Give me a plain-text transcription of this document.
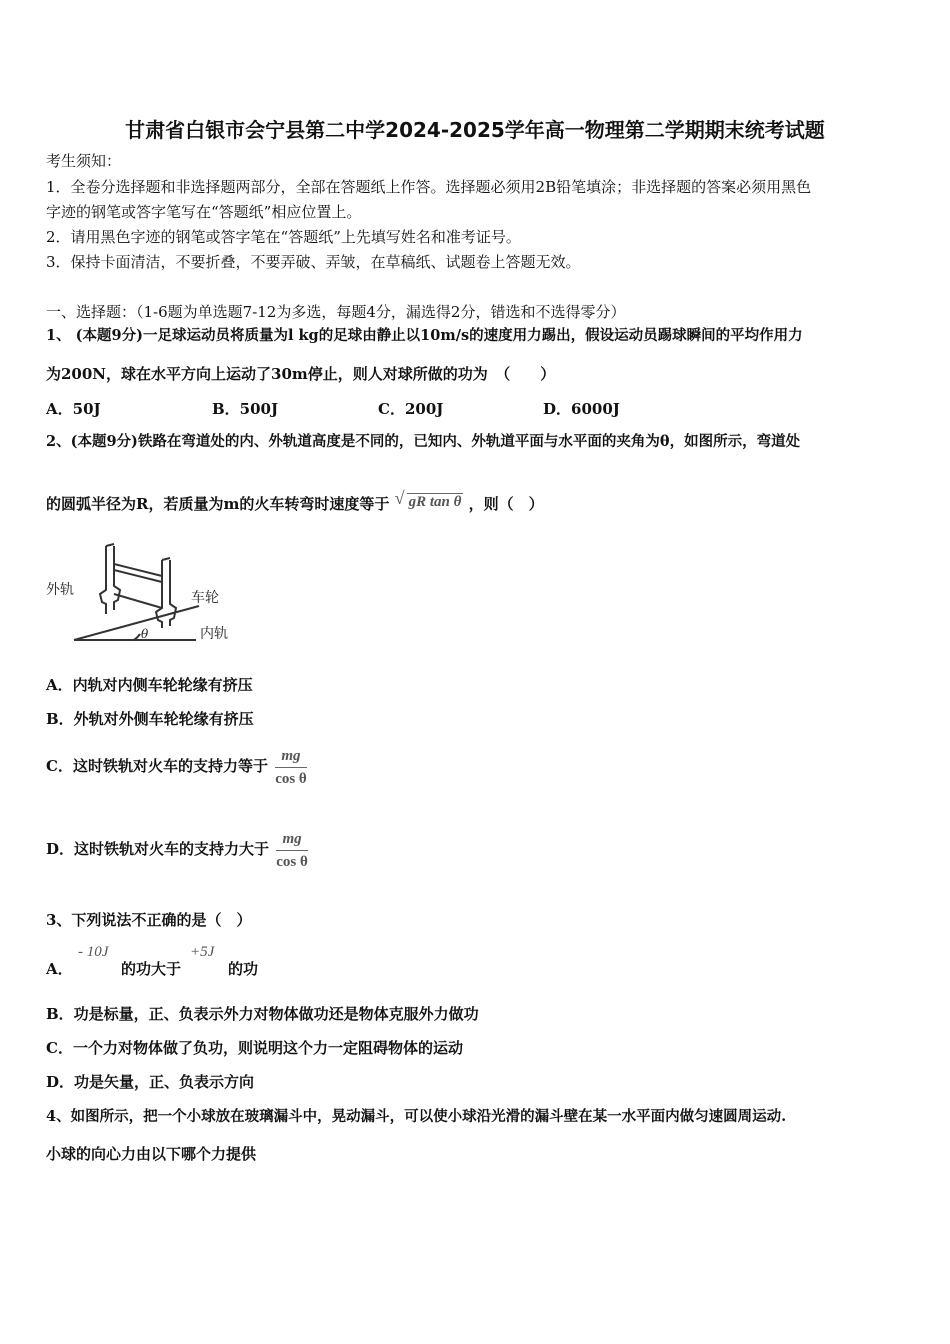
甘肃省白银市会宁县第二中学2024-2025学年高一物理第二学期期末统考试题
考生须知：
1．全卷分选择题和非选择题两部分，全部在答题纸上作答。选择题必须用2B铅笔填涂；非选择题的答案必须用黑色
字迹的钢笔或答字笔写在“答题纸”相应位置上。
2．请用黑色字迹的钢笔或答字笔在“答题纸”上先填写姓名和准考证号。
3．保持卡面清洁，不要折叠，不要弄破、弄皱，在草稿纸、试题卷上答题无效。
一、选择题：（1-6题为单选题7-12为多选，每题4分，漏选得2分，错选和不选得零分）
1、 (本题9分)一足球运动员将质量为l kg的足球由静止以10m/s的速度用力踢出，假设运动员踢球瞬间的平均作用力
为200N，球在水平方向上运动了30m停止，则人对球所做的功为　（　　）
A．50J	B．500J	C．200J	D．6000J
2、(本题9分)铁路在弯道处的内、外轨道高度是不同的，已知内、外轨道平面与水平面的夹角为θ，如图所示，弯道处
的圆弧半径为R，若质量为m的火车转弯时速度等于 √ gR tan θ ，则（　）
外轨	车轮
内轨
θ
A．内轨对内侧车轮轮缘有挤压
B．外轨对外侧车轮轮缘有挤压
C．这时铁轨对火车的支持力等于 $\frac{mg}{\text{cos θ}}$
D．这时铁轨对火车的支持力大于 $\frac{mg}{\text{cos θ}}$
3、下列说法不正确的是（　）
A．
- 10J
的功大于
+5J
的功
B．功是标量，正、负表示外力对物体做功还是物体克服外力做功
C．一个力对物体做了负功，则说明这个力一定阻碍物体的运动
D．功是矢量，正、负表示方向
4、如图所示，把一个小球放在玻璃漏斗中，晃动漏斗，可以使小球沿光滑的漏斗壁在某一水平面内做匀速圆周运动.
小球的向心力由以下哪个力提供
